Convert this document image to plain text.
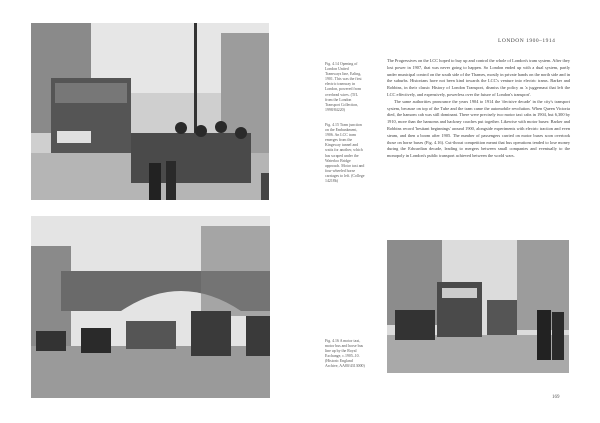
Fig. 4.14 Opening of London United Tramways line, Ealing, 1901. This was the first electric tramway in London, powered from overhead wires. (TfL from the London Transport Collection, 1998/84220)
Fig. 4.15 Tram junction on the Embankment, 1906. An LCC tram emerges from the Kingsway tunnel and waits for another, which has scraped under the Waterloo Bridge approach. Motor taxi and four-wheeled horse carriages to left. (College 14218b)
Fig. 4.16 A motor taxi, motor bus and horse bus line up by the Royal Exchange, c.1905–10. (Historic England Archive, AA80/4313000)
LONDON 1900–1914

The Progressives on the LCC hoped to buy up and control the whole of London's tram system. After they lost power in 1907, that was never going to happen. So London ended up with a dual system, partly under municipal control on the south side of the Thames, mostly in private hands on the north side and in the suburbs. Historians have not been kind towards the LCC's venture into electric trams. Barker and Robbins, in their classic History of London Transport, dismiss the policy as 'a juggernaut that left the LCC effectively, and expensively, powerless over the future of London's transport'.

The same authorities pronounce the years 1904 to 1914 the 'decisive decade' in the city's transport system, because on top of the Tube and the tram came the automobile revolution. When Queen Victoria died, the hansom cab was still dominant. There were precisely two motor taxi cabs in 1904, but 6,300 by 1910, more than the hansoms and hackney coaches put together. Likewise with motor buses: Barker and Robbins record 'hesitant beginnings' around 1900, alongside experiments with electric traction and even steam, and then a boom after 1905. The number of passengers carried on motor buses soon overtook those on horse buses (Fig. 4.16). Cut-throat competition meant that bus operations tended to lose money during the Edwardian decade, leading to mergers between small companies and eventually to the monopoly in London's public transport achieved between the world wars.

169
